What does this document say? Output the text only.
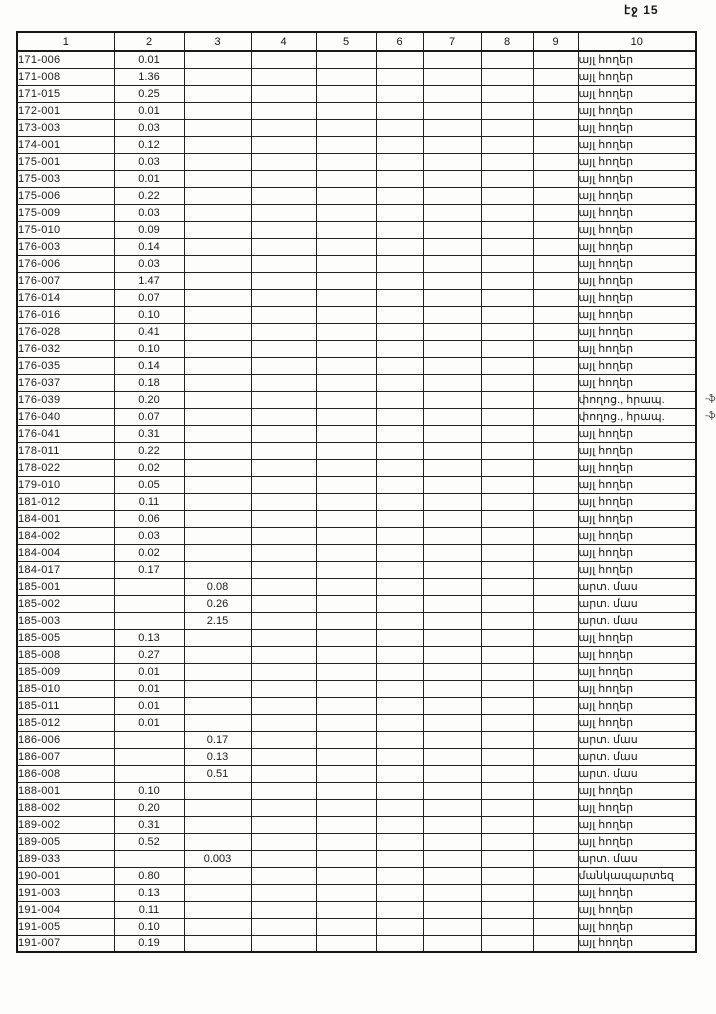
էջ 15
1	2	3	4	5	6	7	8	9	10
171-006	0.01								այլ հողեր
171-008	1.36								այլ հողեր
171-015	0.25								այլ հողեր
172-001	0.01								այլ հողեր
173-003	0.03								այլ հողեր
174-001	0.12								այլ հողեր
175-001	0.03								այլ հողեր
175-003	0.01								այլ հողեր
175-006	0.22								այլ հողեր
175-009	0.03								այլ հողեր
175-010	0.09								այլ հողեր
176-003	0.14								այլ հողեր
176-006	0.03								այլ հողեր
176-007	1.47								այլ հողեր
176-014	0.07								այլ հողեր
176-016	0.10								այլ հողեր
176-028	0.41								այլ հողեր
176-032	0.10								այլ հողեր
176-035	0.14								այլ հողեր
176-037	0.18								այլ հողեր
176-039	0.20								փողոց., հրապ. -ֆ

176-040	0.07								փողոց., հրապ. -ֆ

176-041	0.31								այլ հողեր
178-011	0.22								այլ հողեր
178-022	0.02								այլ հողեր
179-010	0.05								այլ հողեր
181-012	0.11								այլ հողեր
184-001	0.06								այլ հողեր
184-002	0.03								այլ հողեր
184-004	0.02								այլ հողեր
184-017	0.17								այլ հողեր
185-001		0.08							արտ. մաս
185-002		0.26							արտ. մաս
185-003		2.15							արտ. մաս
185-005	0.13								այլ հողեր
185-008	0.27								այլ հողեր
185-009	0.01								այլ հողեր
185-010	0.01								այլ հողեր
185-011	0.01								այլ հողեր
185-012	0.01								այլ հողեր
186-006		0.17							արտ. մաս
186-007		0.13							արտ. մաս
186-008		0.51							արտ. մաս
188-001	0.10								այլ հողեր
188-002	0.20								այլ հողեր
189-002	0.31								այլ հողեր
189-005	0.52								այլ հողեր
189-033		0.003							արտ. մաս
190-001	0.80								մանկապարտեզ
191-003	0.13								այլ հողեր
191-004	0.11								այլ հողեր
191-005	0.10								այլ հողեր
191-007	0.19								այլ հողեր
